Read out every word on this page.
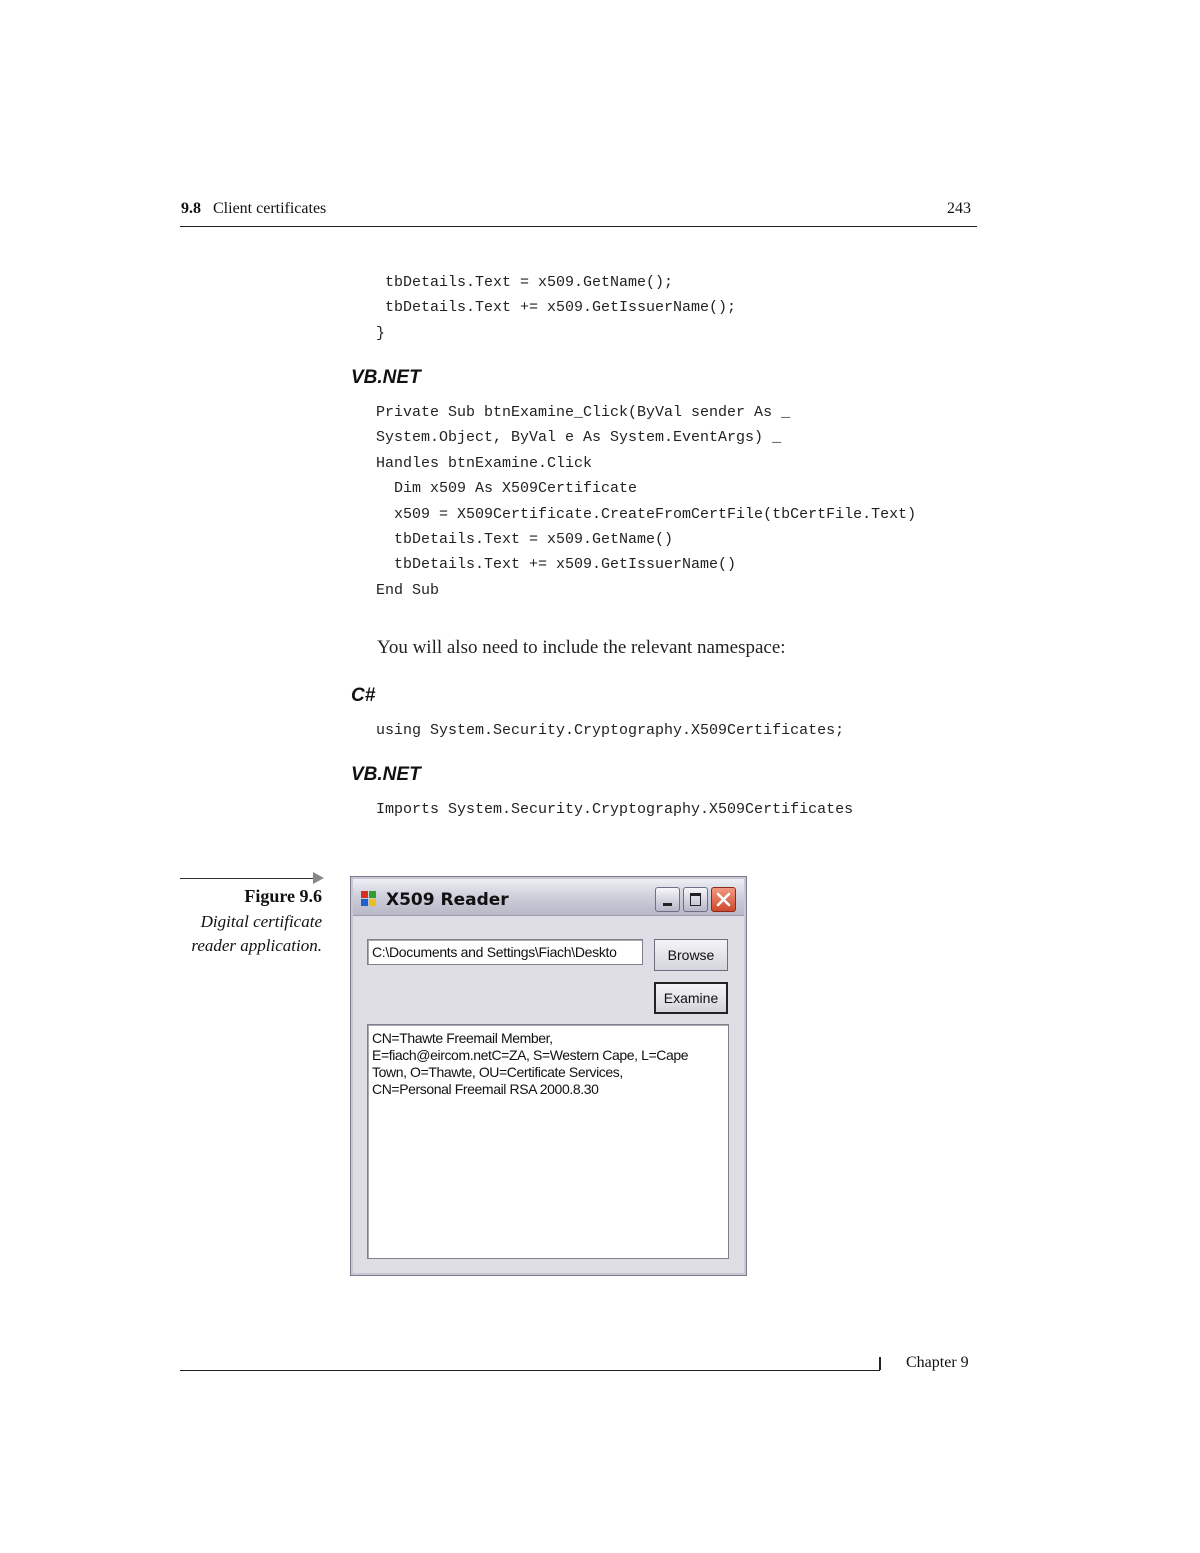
9.8 Client certificates	243
tbDetails.Text = x509.GetName();
tbDetails.Text += x509.GetIssuerName();
}
VB.NET
Private Sub btnExamine_Click(ByVal sender As _
System.Object, ByVal e As System.EventArgs) _
Handles btnExamine.Click
Dim x509 As X509Certificate
x509 = X509Certificate.CreateFromCertFile(tbCertFile.Text)
tbDetails.Text = x509.GetName()
tbDetails.Text += x509.GetIssuerName()
End Sub
You will also need to include the relevant namespace:
C#
using System.Security.Cryptography.X509Certificates;
VB.NET
Imports System.Security.Cryptography.X509Certificates
Figure 9.6
Digital certificate reader application.
X509 Reader
C:\Documents and Settings\Fiach\Deskto	Browse
Examine
CN=Thawte Freemail Member,
E=fiach@eircom.netC=ZA, S=Western Cape, L=Cape
Town, O=Thawte, OU=Certificate Services,
CN=Personal Freemail RSA 2000.8.30
Chapter 9
